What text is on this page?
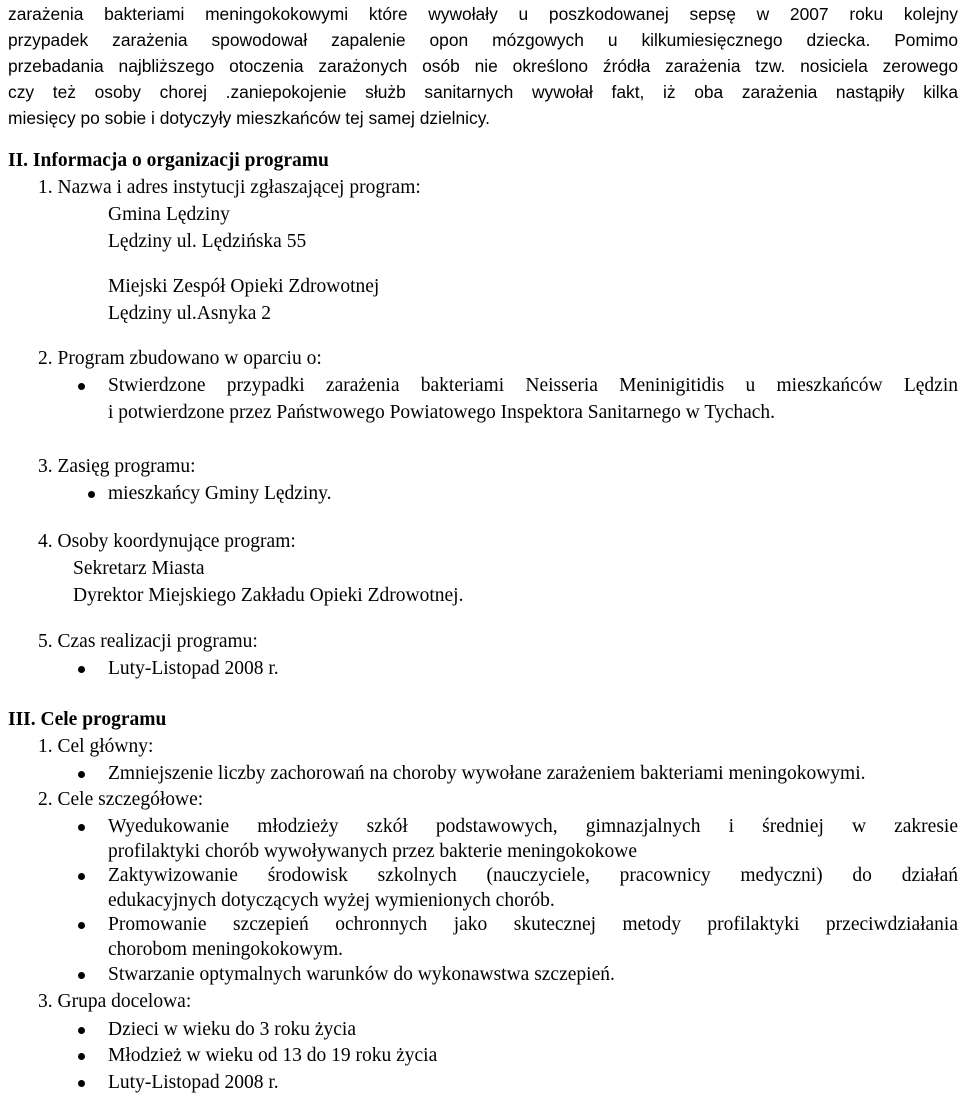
zarażenia bakteriami meningokokowymi które wywołały u poszkodowanej sepsę w 2007 roku kolejny
przypadek zarażenia spowodował zapalenie opon mózgowych u kilkumiesięcznego dziecka. Pomimo
przebadania najbliższego otoczenia zarażonych osób nie określono źródła zarażenia tzw. nosiciela zerowego
czy też osoby chorej .zaniepokojenie służb sanitarnych wywołał fakt, iż oba zarażenia nastąpiły kilka
miesięcy po sobie i dotyczyły mieszkańców tej samej dzielnicy.
II. Informacja o organizacji programu
1. Nazwa i adres instytucji zgłaszającej program:
Gmina Lędziny
Lędziny ul. Lędzińska 55
Miejski Zespół Opieki Zdrowotnej
Lędziny ul.Asnyka 2
2. Program zbudowano w oparciu o:
Stwierdzone przypadki zarażenia bakteriami Neisseria Meninigitidis u mieszkańców Lędzin
i potwierdzone przez Państwowego Powiatowego Inspektora Sanitarnego w Tychach.
3. Zasięg programu:
mieszkańcy Gminy Lędziny.
4. Osoby koordynujące program:
Sekretarz Miasta
Dyrektor Miejskiego Zakładu Opieki Zdrowotnej.
5. Czas realizacji programu:
Luty-Listopad 2008 r.
III. Cele programu
1. Cel główny:
Zmniejszenie liczby zachorowań na choroby wywołane zarażeniem bakteriami meningokowymi.
2. Cele szczegółowe:
Wyedukowanie młodzieży szkół podstawowych, gimnazjalnych i średniej w zakresie
profilaktyki chorób wywoływanych przez bakterie meningokokowe
Zaktywizowanie środowisk szkolnych (nauczyciele, pracownicy medyczni) do działań
edukacyjnych dotyczących wyżej wymienionych chorób.
Promowanie szczepień ochronnych jako skutecznej metody profilaktyki przeciwdziałania
chorobom meningokokowym.
Stwarzanie optymalnych warunków do wykonawstwa szczepień.
3. Grupa docelowa:
Dzieci w wieku do 3 roku życia
Młodzież w wieku od 13 do 19 roku życia
Luty-Listopad 2008 r.
